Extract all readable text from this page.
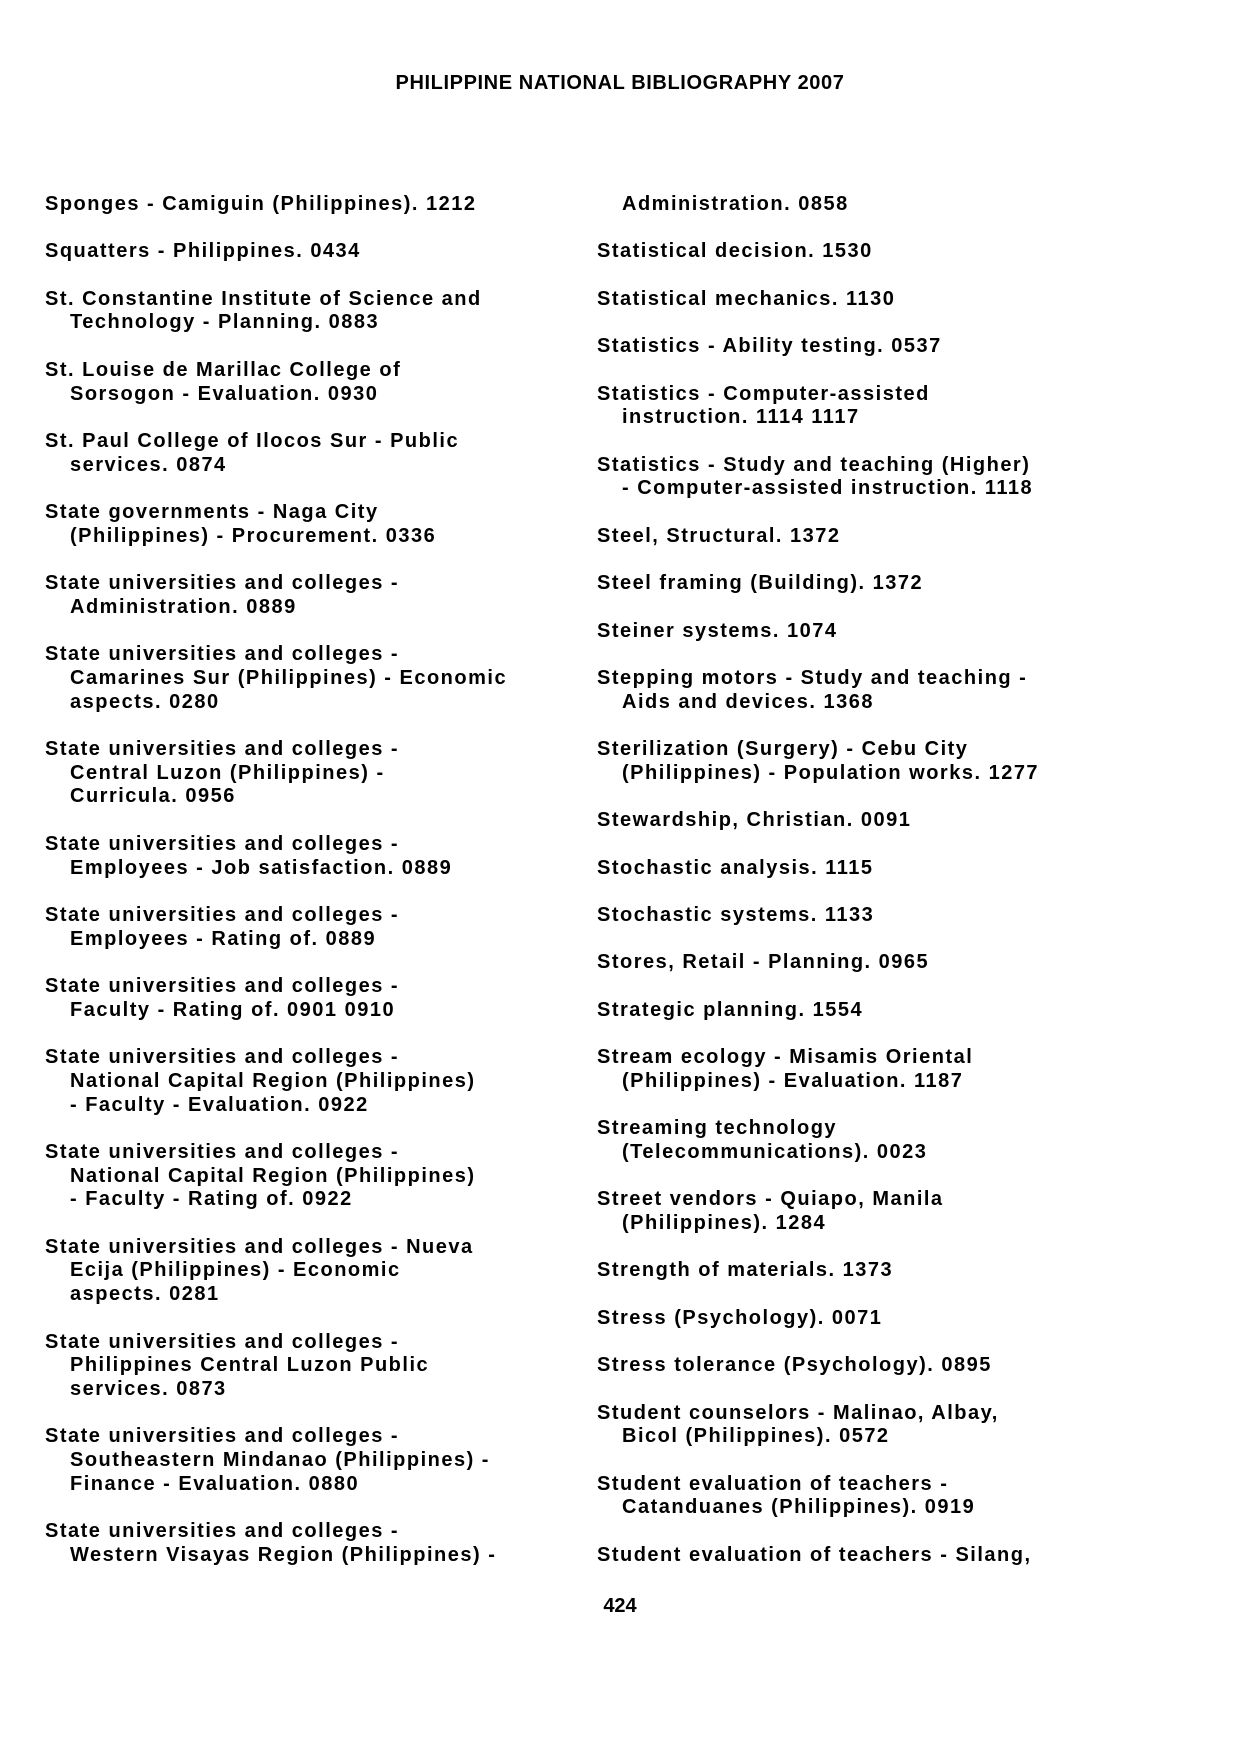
PHILIPPINE NATIONAL BIBLIOGRAPHY 2007

Sponges - Camiguin (Philippines). 1212

Squatters - Philippines. 0434

St. Constantine Institute of Science and
Technology - Planning. 0883

St. Louise de Marillac College of
Sorsogon - Evaluation. 0930

St. Paul College of Ilocos Sur - Public
services. 0874

State governments - Naga City
(Philippines) - Procurement. 0336

State universities and colleges -
Administration. 0889

State universities and colleges -
Camarines Sur (Philippines) - Economic
aspects. 0280

State universities and colleges -
Central Luzon (Philippines) -
Curricula. 0956

State universities and colleges -
Employees - Job satisfaction. 0889

State universities and colleges -
Employees - Rating of. 0889

State universities and colleges -
Faculty - Rating of. 0901 0910

State universities and colleges -
National Capital Region (Philippines)
- Faculty - Evaluation. 0922

State universities and colleges -
National Capital Region (Philippines)
- Faculty - Rating of. 0922

State universities and colleges - Nueva
Ecija (Philippines) - Economic
aspects. 0281

State universities and colleges -
Philippines Central Luzon Public
services. 0873

State universities and colleges -
Southeastern Mindanao (Philippines) -
Finance - Evaluation. 0880

State universities and colleges -
Western Visayas Region (Philippines) -

Administration. 0858

Statistical decision. 1530

Statistical mechanics. 1130

Statistics - Ability testing. 0537

Statistics - Computer-assisted
instruction. 1114 1117

Statistics - Study and teaching (Higher)
- Computer-assisted instruction. 1118

Steel, Structural. 1372

Steel framing (Building). 1372

Steiner systems. 1074

Stepping motors - Study and teaching -
Aids and devices. 1368

Sterilization (Surgery) - Cebu City
(Philippines) - Population works. 1277

Stewardship, Christian. 0091

Stochastic analysis. 1115

Stochastic systems. 1133

Stores, Retail - Planning. 0965

Strategic planning. 1554

Stream ecology - Misamis Oriental
(Philippines) - Evaluation. 1187

Streaming technology
(Telecommunications). 0023

Street vendors - Quiapo, Manila
(Philippines). 1284

Strength of materials. 1373

Stress (Psychology). 0071

Stress tolerance (Psychology). 0895

Student counselors - Malinao, Albay,
Bicol (Philippines). 0572

Student evaluation of teachers -
Catanduanes (Philippines). 0919

Student evaluation of teachers - Silang,

424
